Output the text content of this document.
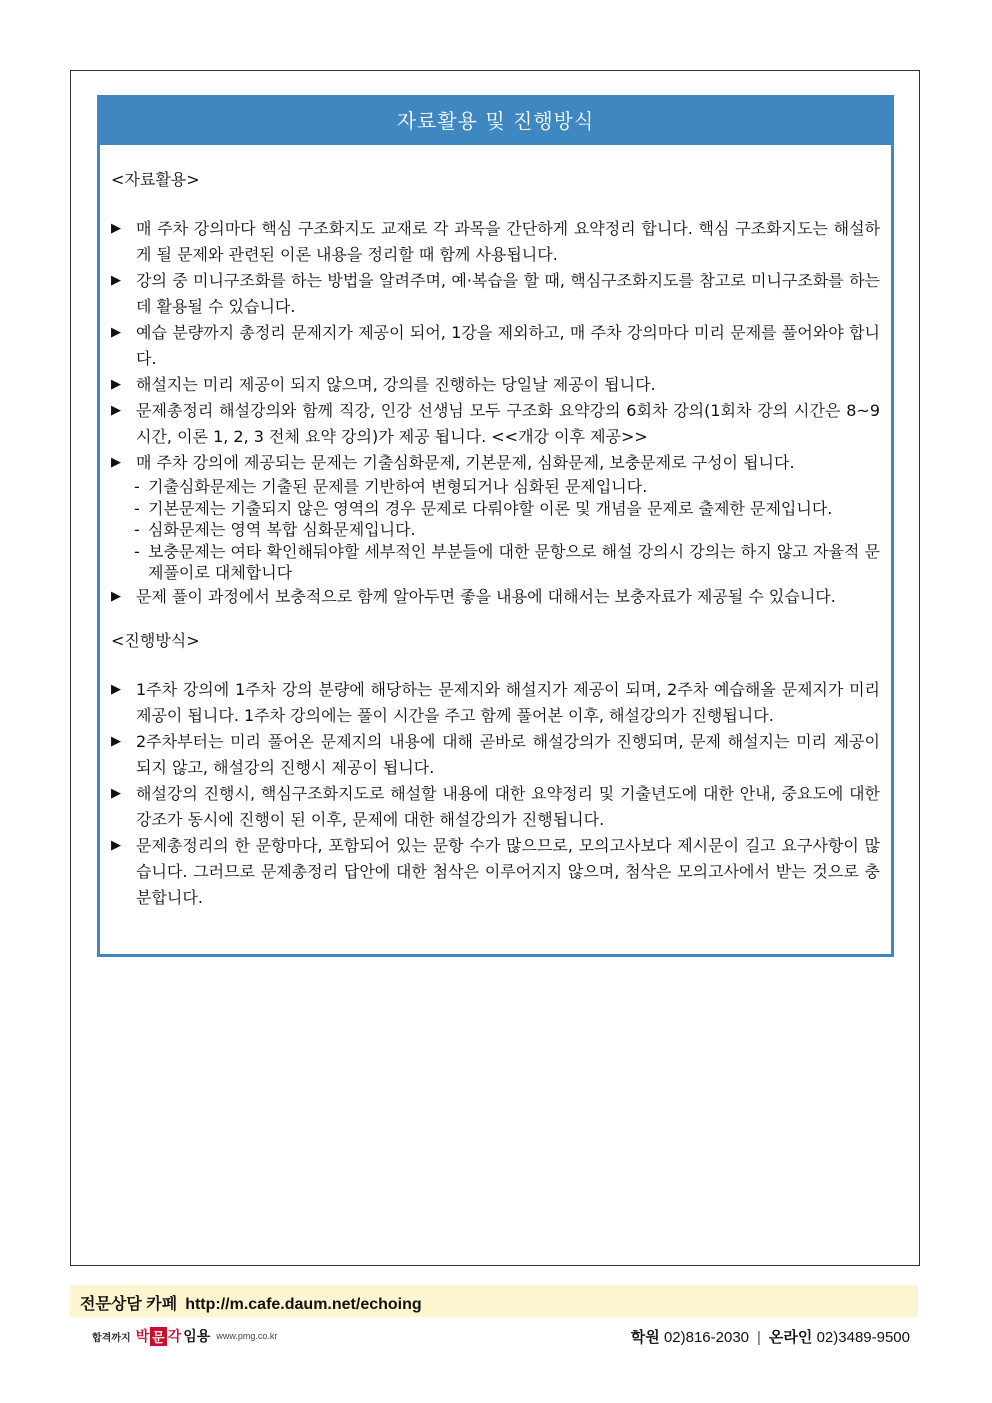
자료활용 및 진행방식
<자료활용>
▶ 매 주차 강의마다 핵심 구조화지도 교재로 각 과목을 간단하게 요약정리 합니다. 핵심 구조화지도는 해설하게 될 문제와 관련된 이론 내용을 정리할 때 함께 사용됩니다.
▶ 강의 중 미니구조화를 하는 방법을 알려주며, 예·복습을 할 때, 핵심구조화지도를 참고로 미니구조화를 하는 데 활용될 수 있습니다.
▶ 예습 분량까지 총정리 문제지가 제공이 되어, 1강을 제외하고, 매 주차 강의마다 미리 문제를 풀어와야 합니다.
▶ 해설지는 미리 제공이 되지 않으며, 강의를 진행하는 당일날 제공이 됩니다.
▶ 문제총정리 해설강의와 함께 직강, 인강 선생님 모두 구조화 요약강의 6회차 강의(1회차 강의 시간은 8~9시간, 이론 1, 2, 3 전체 요약 강의)가 제공 됩니다. <<개강 이후 제공>>
▶ 매 주차 강의에 제공되는 문제는 기출심화문제, 기본문제, 심화문제, 보충문제로 구성이 됩니다.
- 기출심화문제는 기출된 문제를 기반하여 변형되거나 심화된 문제입니다.
- 기본문제는 기출되지 않은 영역의 경우 문제로 다뤄야할 이론 및 개념을 문제로 출제한 문제입니다.
- 심화문제는 영역 복합 심화문제입니다.
- 보충문제는 여타 확인해둬야할 세부적인 부분들에 대한 문항으로 해설 강의시 강의는 하지 않고 자율적 문제풀이로 대체합니다
▶ 문제 풀이 과정에서 보충적으로 함께 알아두면 좋을 내용에 대해서는 보충자료가 제공될 수 있습니다.
<진행방식>
▶ 1주차 강의에 1주차 강의 분량에 해당하는 문제지와 해설지가 제공이 되며, 2주차 예습해올 문제지가 미리 제공이 됩니다. 1주차 강의에는 풀이 시간을 주고 함께 풀어본 이후, 해설강의가 진행됩니다.
▶ 2주차부터는 미리 풀어온 문제지의 내용에 대해 곧바로 해설강의가 진행되며, 문제 해설지는 미리 제공이 되지 않고, 해설강의 진행시 제공이 됩니다.
▶ 해설강의 진행시, 핵심구조화지도로 해설할 내용에 대한 요약정리 및 기출년도에 대한 안내, 중요도에 대한 강조가 동시에 진행이 된 이후, 문제에 대한 해설강의가 진행됩니다.
▶ 문제총정리의 한 문항마다, 포함되어 있는 문항 수가 많으므로, 모의고사보다 제시문이 길고 요구사항이 많습니다. 그러므로 문제총정리 답안에 대한 첨삭은 이루어지지 않으며, 첨삭은 모의고사에서 받는 것으로 충분합니다.
전문상담 카페 http://m.cafe.daum.net/echoing
합격까지 박 문 각 임용 www.pmg.co.kr	학원 02)816-2030 | 온라인 02)3489-9500
